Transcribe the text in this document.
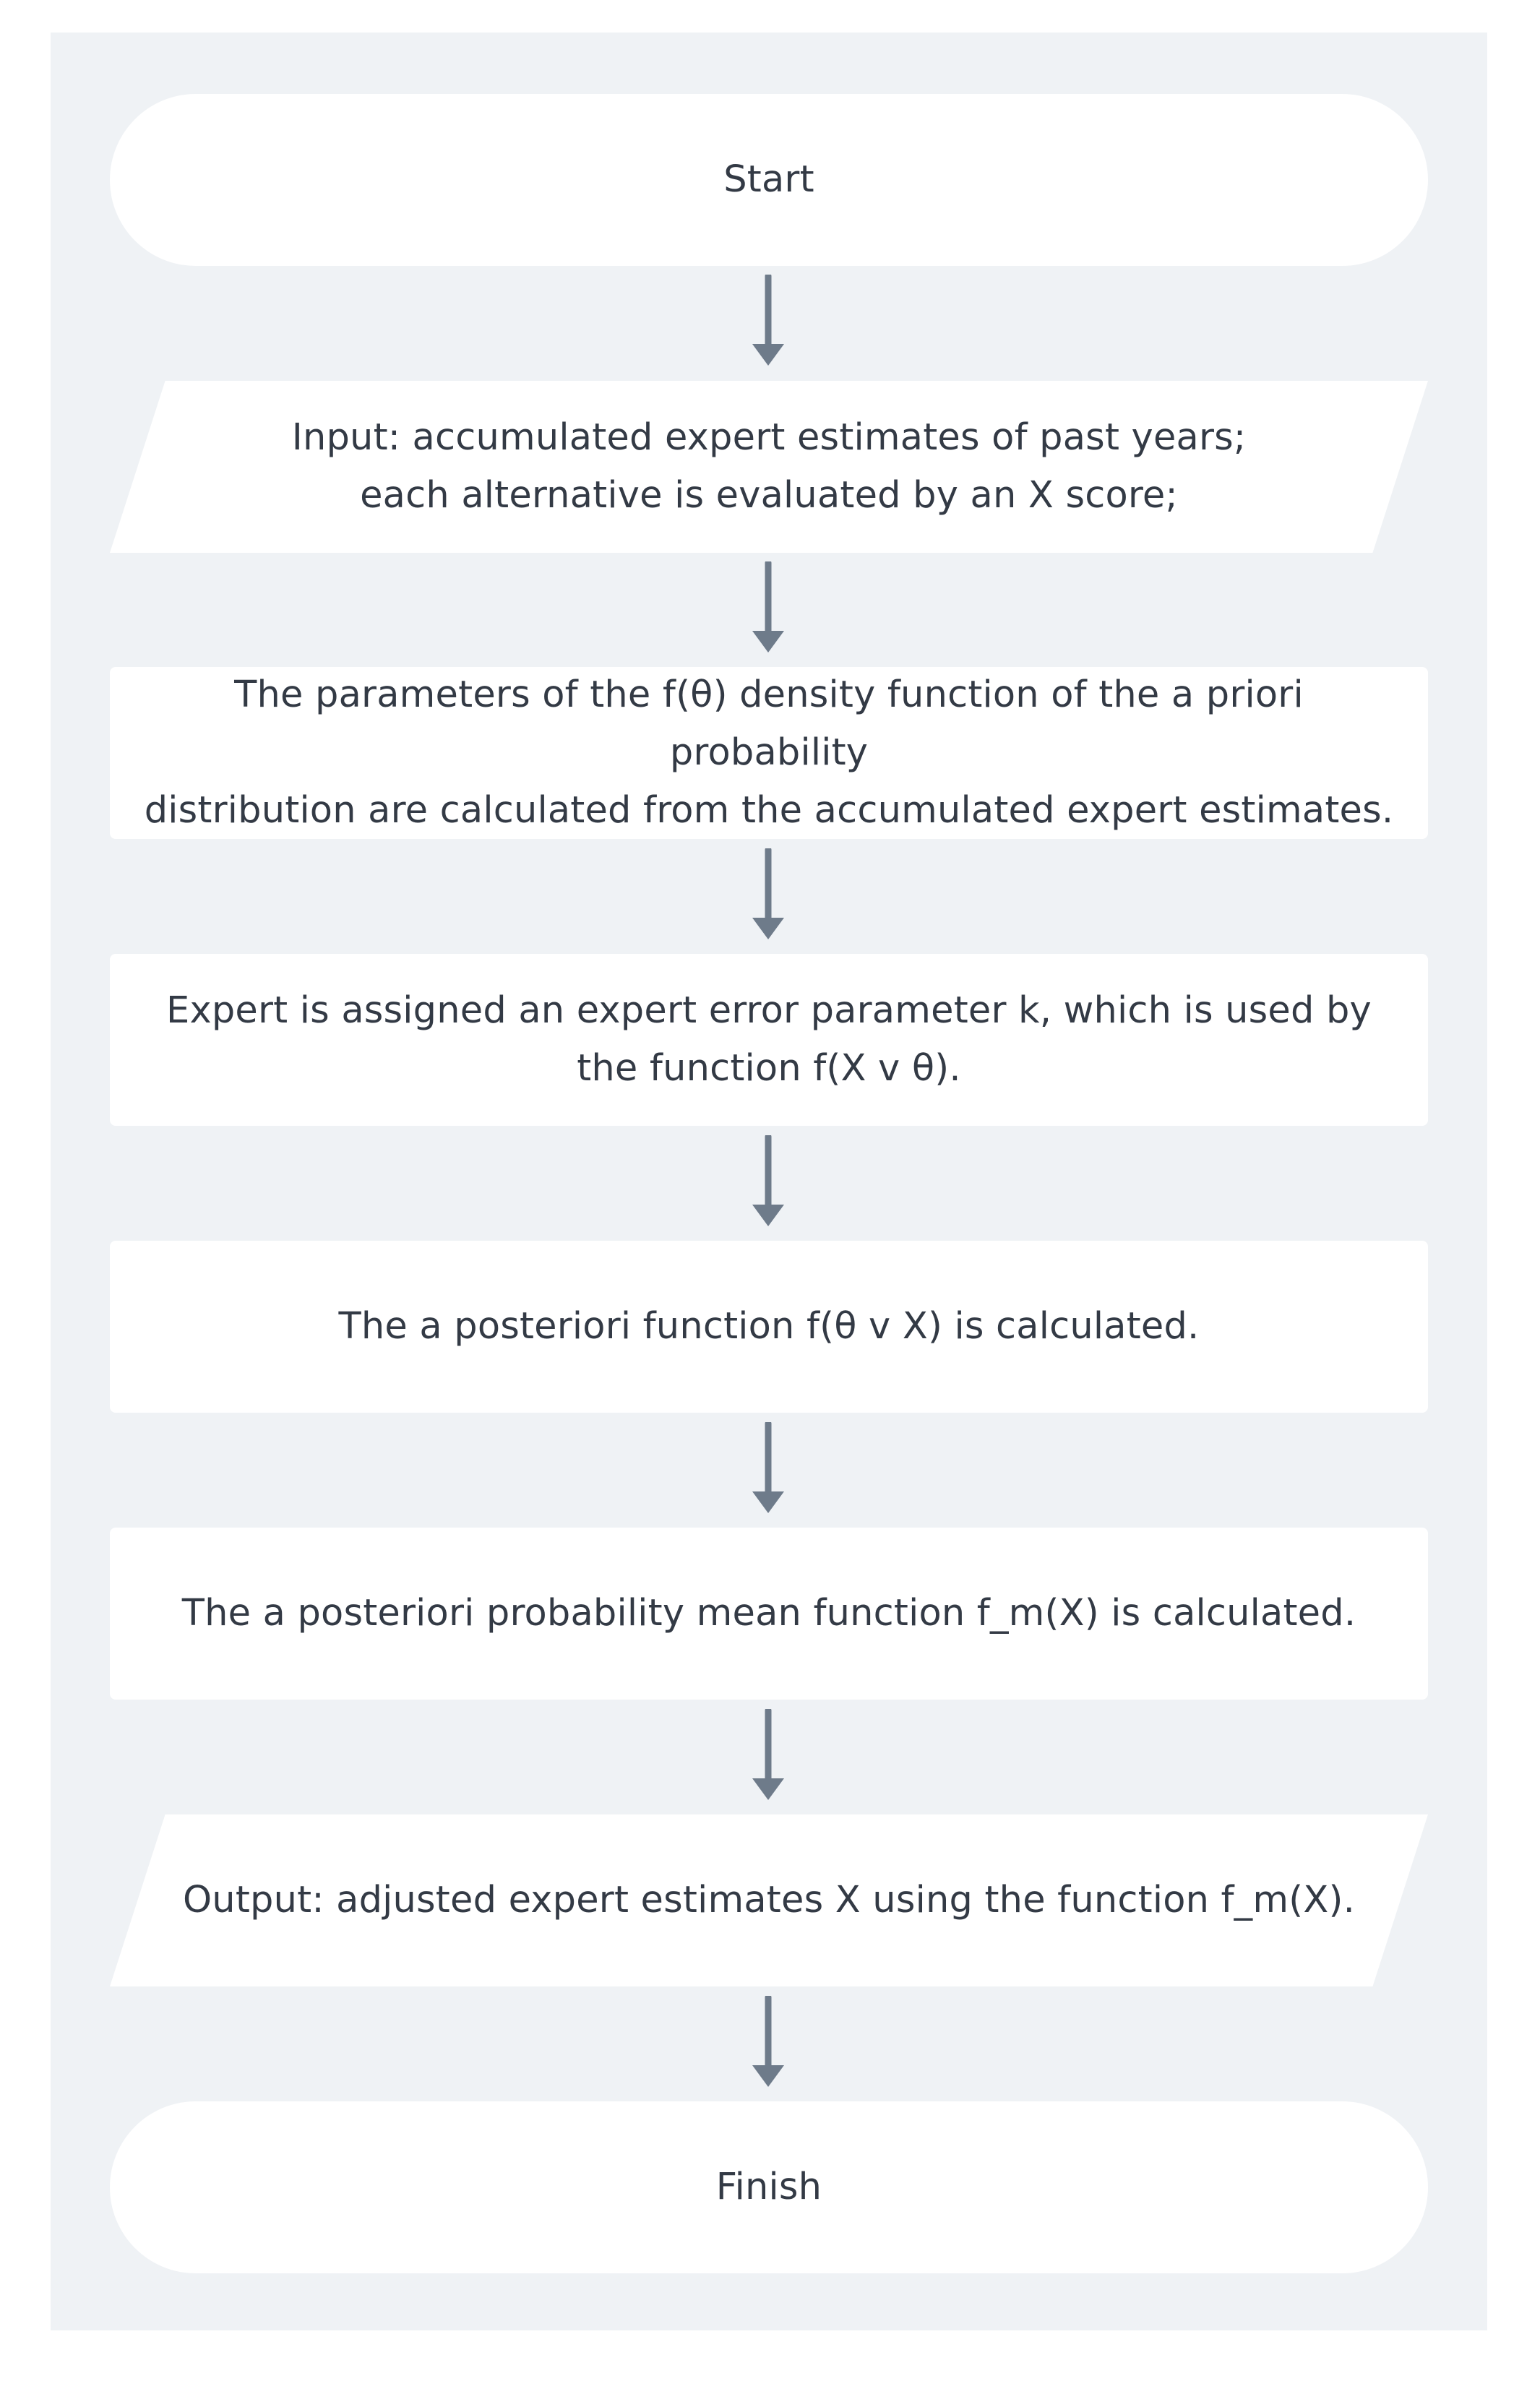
Start
Input: accumulated expert estimates of past years;
each alternative is evaluated by an X score;
The parameters of the f(θ) density function of the a priori probability
distribution are calculated from the accumulated expert estimates.
Expert is assigned an expert error parameter k, which is used by
the function f(X v θ).
The a posteriori function f(θ v X) is calculated.
The a posteriori probability mean function f_m(X) is calculated.
Output: adjusted expert estimates X using the function f_m(X).
Finish
